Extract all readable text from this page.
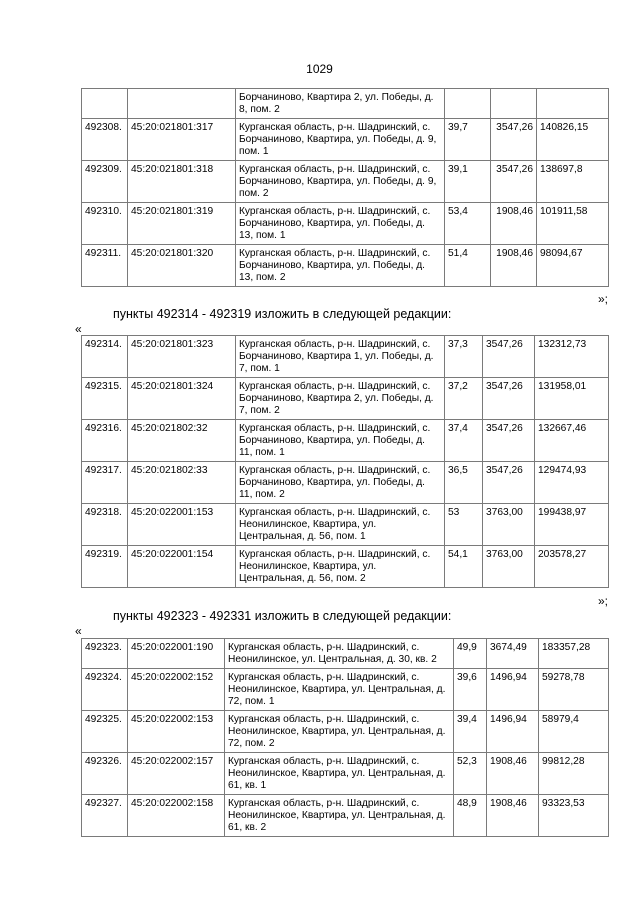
1029
		Борчаниново, Квартира 2, ул. Победы, д. 8, пом. 2			
492308.	45:20:021801:317	Курганская область, р-н. Шадринский, с. Борчаниново, Квартира, ул. Победы, д. 9, пом. 1	39,7	3547,26	140826,15
492309.	45:20:021801:318	Курганская область, р-н. Шадринский, с. Борчаниново, Квартира, ул. Победы, д. 9, пом. 2	39,1	3547,26	138697,8
492310.	45:20:021801:319	Курганская область, р-н. Шадринский, с. Борчаниново, Квартира, ул. Победы, д. 13, пом. 1	53,4	1908,46	101911,58
492311.	45:20:021801:320	Курганская область, р-н. Шадринский, с. Борчаниново, Квартира, ул. Победы, д. 13, пом. 2	51,4	1908,46	98094,67
»;
пункты 492314 - 492319 изложить в следующей редакции:
«
492314.	45:20:021801:323	Курганская область, р-н. Шадринский, с. Борчаниново, Квартира 1, ул. Победы, д. 7, пом. 1	37,3	3547,26	132312,73
492315.	45:20:021801:324	Курганская область, р-н. Шадринский, с. Борчаниново, Квартира 2, ул. Победы, д. 7, пом. 2	37,2	3547,26	131958,01
492316.	45:20:021802:32	Курганская область, р-н. Шадринский, с. Борчаниново, Квартира, ул. Победы, д. 11, пом. 1	37,4	3547,26	132667,46
492317.	45:20:021802:33	Курганская область, р-н. Шадринский, с. Борчаниново, Квартира, ул. Победы, д. 11, пом. 2	36,5	3547,26	129474,93
492318.	45:20:022001:153	Курганская область, р-н. Шадринский, с. Неонилинское, Квартира, ул. Центральная, д. 56, пом. 1	53	3763,00	199438,97
492319.	45:20:022001:154	Курганская область, р-н. Шадринский, с. Неонилинское, Квартира, ул. Центральная, д. 56, пом. 2	54,1	3763,00	203578,27
»;
пункты 492323 - 492331 изложить в следующей редакции:
«
492323.	45:20:022001:190	Курганская область, р-н. Шадринский, с. Неонилинское, ул. Центральная, д. 30, кв. 2	49,9	3674,49	183357,28
492324.	45:20:022002:152	Курганская область, р-н. Шадринский, с. Неонилинское, Квартира, ул. Центральная, д. 72, пом. 1	39,6	1496,94	59278,78
492325.	45:20:022002:153	Курганская область, р-н. Шадринский, с. Неонилинское, Квартира, ул. Центральная, д. 72, пом. 2	39,4	1496,94	58979,4
492326.	45:20:022002:157	Курганская область, р-н. Шадринский, с. Неонилинское, Квартира, ул. Центральная, д. 61, кв. 1	52,3	1908,46	99812,28
492327.	45:20:022002:158	Курганская область, р-н. Шадринский, с. Неонилинское, Квартира, ул. Центральная, д. 61, кв. 2	48,9	1908,46	93323,53
